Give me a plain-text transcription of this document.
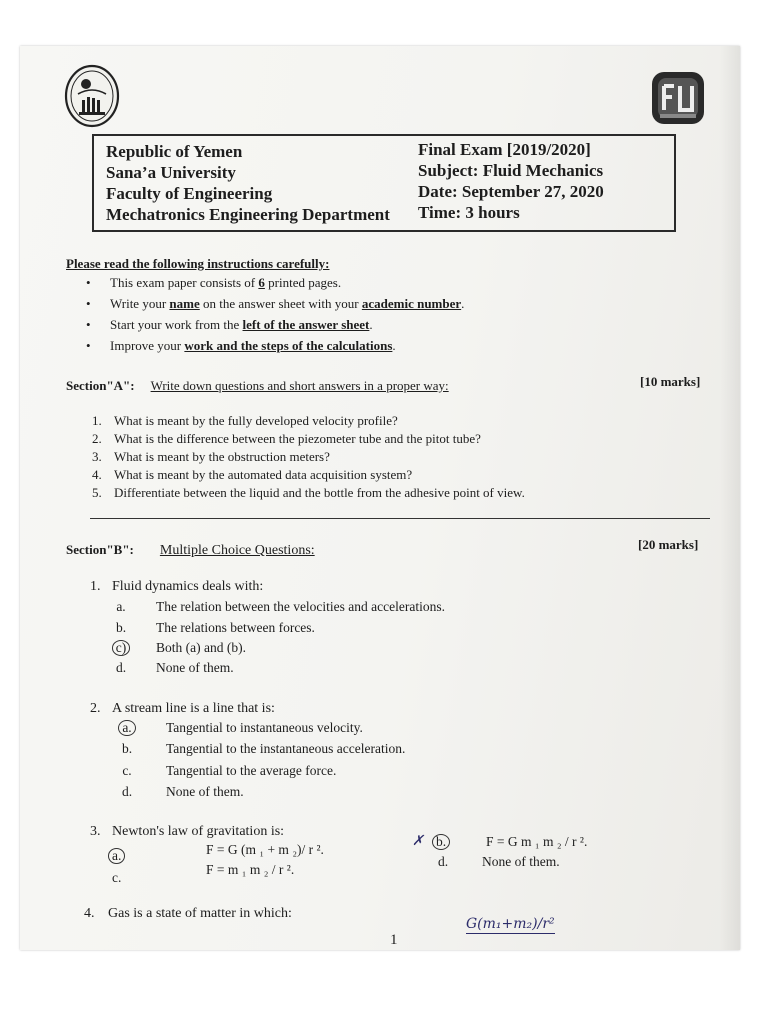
Republic of Yemen
Sana’a University
Faculty of Engineering
Mechatronics Engineering Department
Final Exam [2019/2020]
Subject: Fluid Mechanics
Date: September 27, 2020
Time: 3 hours
Please read the following instructions carefully:
• This exam paper consists of 6 printed pages.
• Write your name on the answer sheet with your academic number.
• Start your work from the left of the answer sheet.
• Improve your work and the steps of the calculations.
Section"A": Write down questions and short answers in a proper way:	[10 marks]
1. What is meant by the fully developed velocity profile?
2. What is the difference between the piezometer tube and the pitot tube?
3. What is meant by the obstruction meters?
4. What is meant by the automated data acquisition system?
5. Differentiate between the liquid and the bottle from the adhesive point of view.
Section"B": Multiple Choice Questions:	[20 marks]
1. Fluid dynamics deals with:
a. The relation between the velocities and accelerations.
b. The relations between forces.
c) Both (a) and (b).
d. None of them.
2. A stream line is a line that is:
a.	Tangential to instantaneous velocity.
b.	Tangential to the instantaneous acceleration.
c.	Tangential to the average force.
d.	None of them.
3. Newton's law of gravitation is:
a.	F = G (m ₁ + m ₂)/ r ².
F = m ₁ m ₂ / r ².
c.
✗ b.	F = G m ₁ m ₂ / r ².
d.	None of them.
4. Gas is a state of matter in which:
1
G(m₁+m₂)/r²
